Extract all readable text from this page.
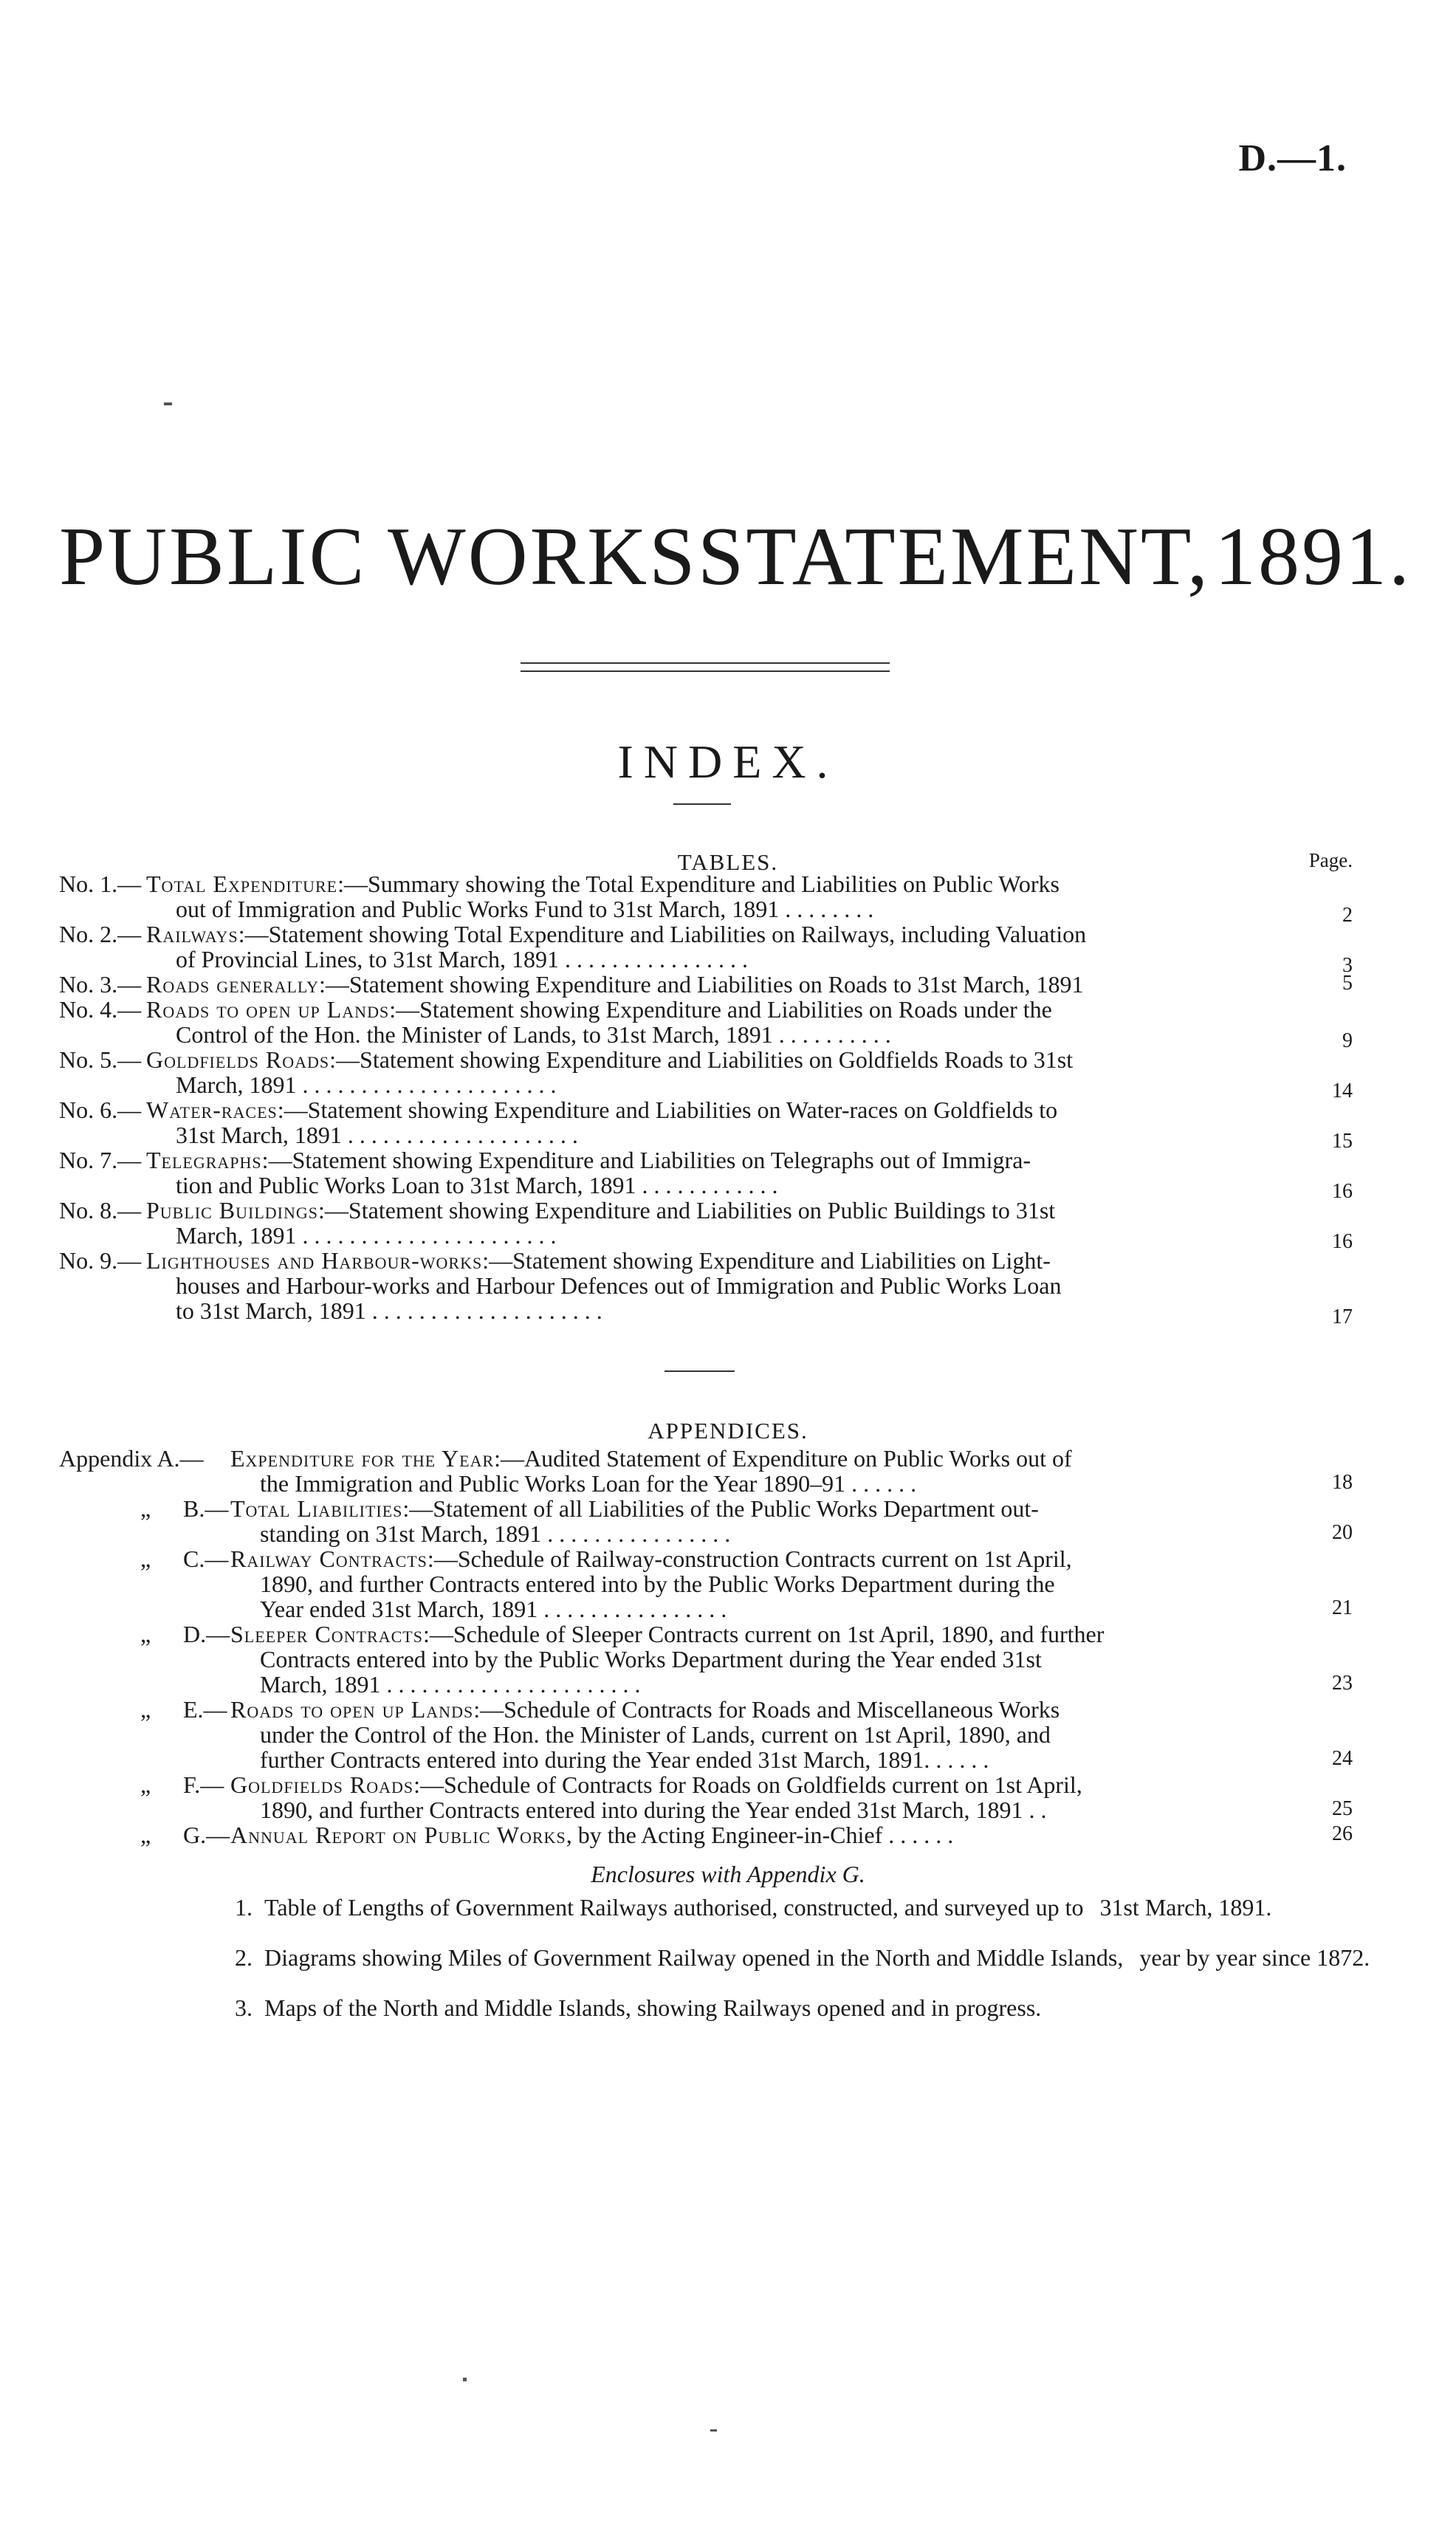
D.—1.
PUBLIC WORKSSTATEMENT,1891.
INDEX.
TABLES.	Page.
No. 1.— Total Expenditure:—Summary showing the Total Expenditure and Liabilities on Public Works
out of Immigration and Public Works Fund to 31st March, 1891 . . . . . . . .	2
No. 2.— Railways:—Statement showing Total Expenditure and Liabilities on Railways, including Valuation
of Provincial Lines, to 31st March, 1891 . . . . . . . . . . . . . . . .	3
No. 3.— Roads generally:—Statement showing Expenditure and Liabilities on Roads to 31st March, 1891	5
No. 4.— Roads to open up Lands:—Statement showing Expenditure and Liabilities on Roads under the
Control of the Hon. the Minister of Lands, to 31st March, 1891 . . . . . . . . . .	9
No. 5.— Goldfields Roads:—Statement showing Expenditure and Liabilities on Goldfields Roads to 31st
March, 1891 . . . . . . . . . . . . . . . . . . . . . .	14
No. 6.— Water-races:—Statement showing Expenditure and Liabilities on Water-races on Goldfields to
31st March, 1891 . . . . . . . . . . . . . . . . . . . .	15
No. 7.— Telegraphs:—Statement showing Expenditure and Liabilities on Telegraphs out of Immigra-
tion and Public Works Loan to 31st March, 1891 . . . . . . . . . . . .	16
No. 8.— Public Buildings:—Statement showing Expenditure and Liabilities on Public Buildings to 31st
March, 1891 . . . . . . . . . . . . . . . . . . . . . .	16
No. 9.— Lighthouses and Harbour-works:—Statement showing Expenditure and Liabilities on Light-
houses and Harbour-works and Harbour Defences out of Immigration and Public Works Loan
to 31st March, 1891 . . . . . . . . . . . . . . . . . . . .	17
APPENDICES.
Appendix A.— Expenditure for the Year:—Audited Statement of Expenditure on Public Works out of
the Immigration and Public Works Loan for the Year 1890–91 . . . . . .	18
„ B.— Total Liabilities:—Statement of all Liabilities of the Public Works Department out-
standing on 31st March, 1891 . . . . . . . . . . . . . . . .	20
„ C.— Railway Contracts:—Schedule of Railway-construction Contracts current on 1st April,
1890, and further Contracts entered into by the Public Works Department during the
Year ended 31st March, 1891 . . . . . . . . . . . . . . . .	21
„ D.— Sleeper Contracts:—Schedule of Sleeper Contracts current on 1st April, 1890, and further
Contracts entered into by the Public Works Department during the Year ended 31st
March, 1891 . . . . . . . . . . . . . . . . . . . . . .	23
„ E.— Roads to open up Lands:—Schedule of Contracts for Roads and Miscellaneous Works
under the Control of the Hon. the Minister of Lands, current on 1st April, 1890, and
further Contracts entered into during the Year ended 31st March, 1891. . . . . .	24
„ F.— Goldfields Roads:—Schedule of Contracts for Roads on Goldfields current on 1st April,
1890, and further Contracts entered into during the Year ended 31st March, 1891 . .	25
„ G.— Annual Report on Public Works, by the Acting Engineer-in-Chief . . . . . .	26
Enclosures with Appendix G.
1. Table of Lengths of Government Railways authorised, constructed, and surveyed up to 31st March, 1891.
2. Diagrams showing Miles of Government Railway opened in the North and Middle Islands, year by year since 1872.
3. Maps of the North and Middle Islands, showing Railways opened and in progress.
